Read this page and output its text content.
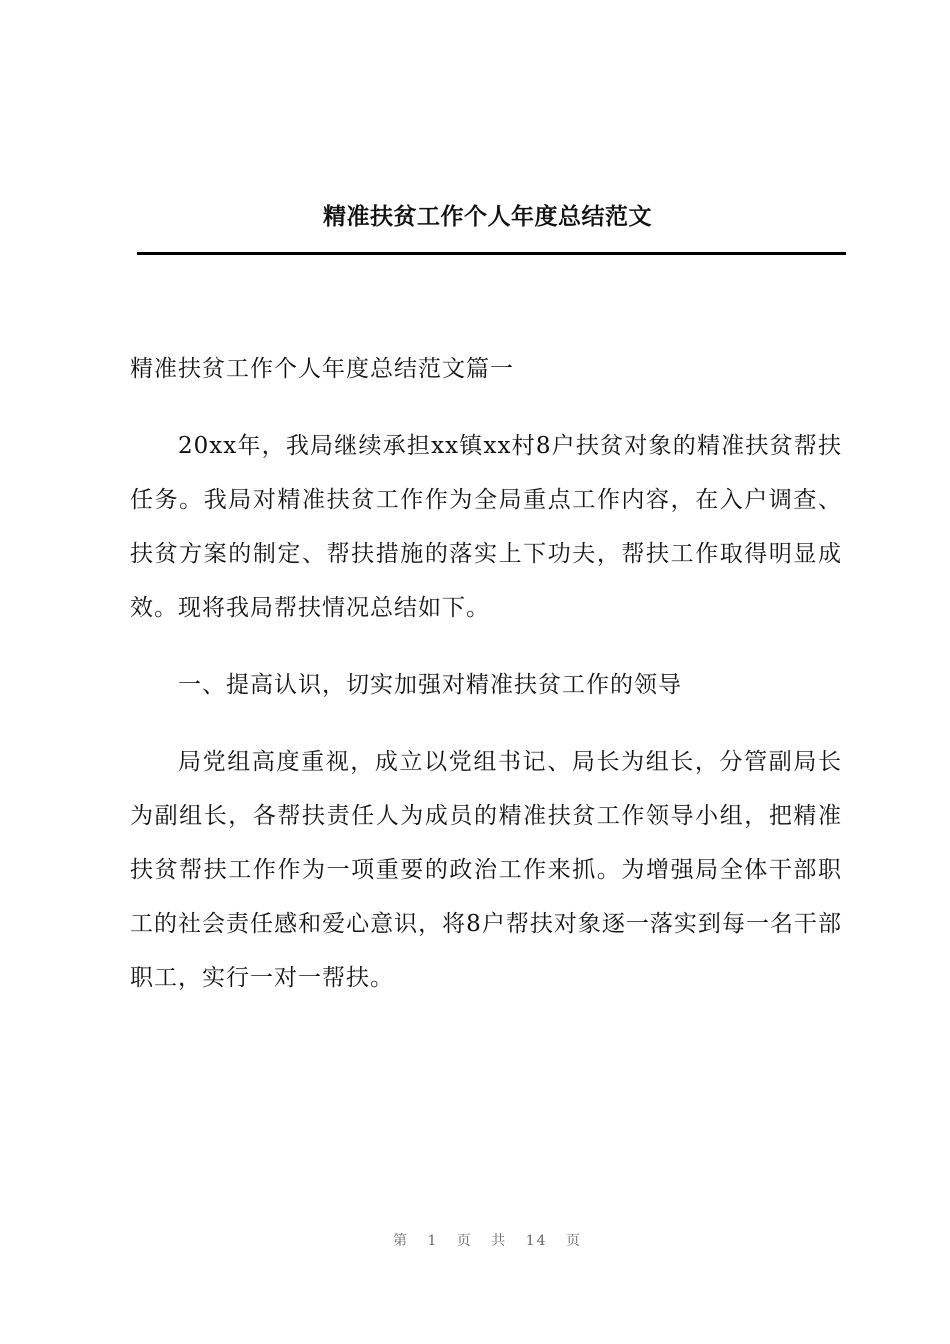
精准扶贫工作个人年度总结范文

精准扶贫工作个人年度总结范文篇一

20xx年，我局继续承担xx镇xx村8户扶贫对象的精准扶贫帮扶任务。我局对精准扶贫工作作为全局重点工作内容，在入户调查、扶贫方案的制定、帮扶措施的落实上下功夫，帮扶工作取得明显成效。现将我局帮扶情况总结如下。

一、提高认识，切实加强对精准扶贫工作的领导

局党组高度重视，成立以党组书记、局长为组长，分管副局长为副组长，各帮扶责任人为成员的精准扶贫工作领导小组，把精准扶贫帮扶工作作为一项重要的政治工作来抓。为增强局全体干部职工的社会责任感和爱心意识，将8户帮扶对象逐一落实到每一名干部职工，实行一对一帮扶。

第 1 页 共 14 页
